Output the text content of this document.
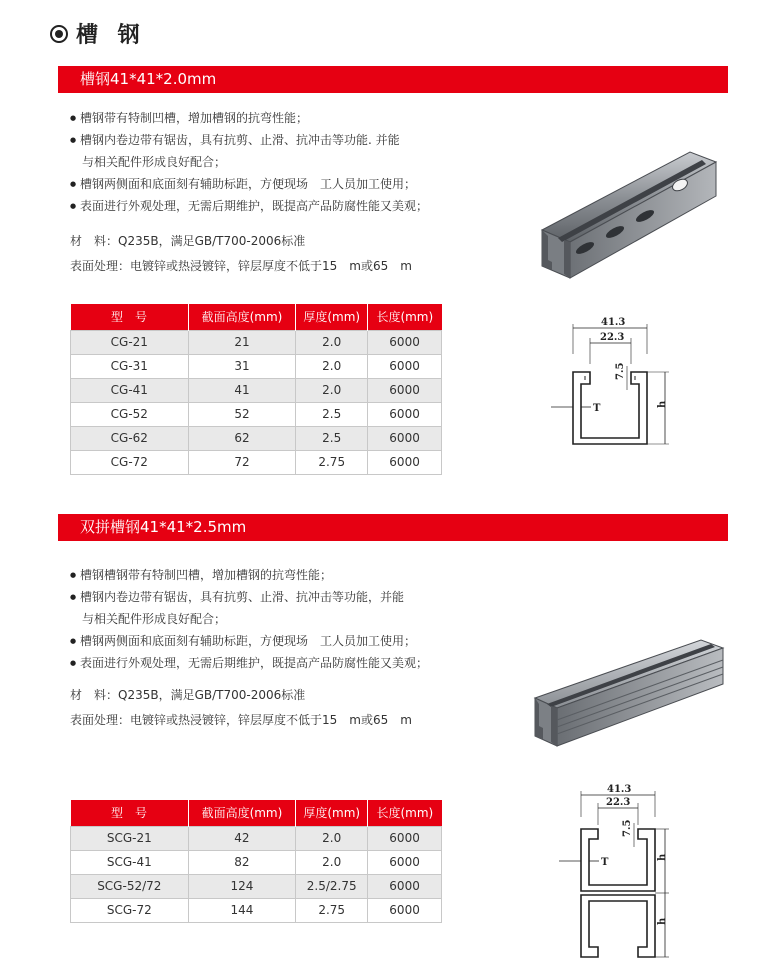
槽 钢
槽钢41*41*2.0mm
● 槽钢带有特制凹槽，增加槽钢的抗弯性能；
● 槽钢内卷边带有锯齿，具有抗剪、止滑、抗冲击等功能. 并能
与相关配件形成良好配合；
● 槽钢两侧面和底面刻有辅助标距，方便现场　工人员加工使用；
● 表面进行外观处理，无需后期维护，既提高产品防腐性能又美观；
材　料：Q235B，满足GB/T700-2006标准
表面处理：电镀锌或热浸镀锌，锌层厚度不低于15　m或65　m
型　号	截面高度(mm)	厚度(mm)	长度(mm)
CG-21	21	2.0	6000
CG-31	31	2.0	6000
CG-41	41	2.0	6000
CG-52	52	2.5	6000
CG-62	62	2.5	6000
CG-72	72	2.75	6000
41.3
22.3
7.5
T	h
双拼槽钢41*41*2.5mm
● 槽钢槽钢带有特制凹槽，增加槽钢的抗弯性能；
● 槽钢内卷边带有锯齿，具有抗剪、止滑、抗冲击等功能，并能
与相关配件形成良好配合；
● 槽钢两侧面和底面刻有辅助标距，方便现场　工人员加工使用；
● 表面进行外观处理，无需后期维护，既提高产品防腐性能又美观；
材　料：Q235B，满足GB/T700-2006标准
表面处理：电镀锌或热浸镀锌，锌层厚度不低于15　m或65　m
型　号	截面高度(mm)	厚度(mm)	长度(mm)
SCG-21	42	2.0	6000
SCG-41	82	2.0	6000
SCG-52/72	124	2.5/2.75	6000
SCG-72	144	2.75	6000
41.3
22.3
7.5
T	h
h
